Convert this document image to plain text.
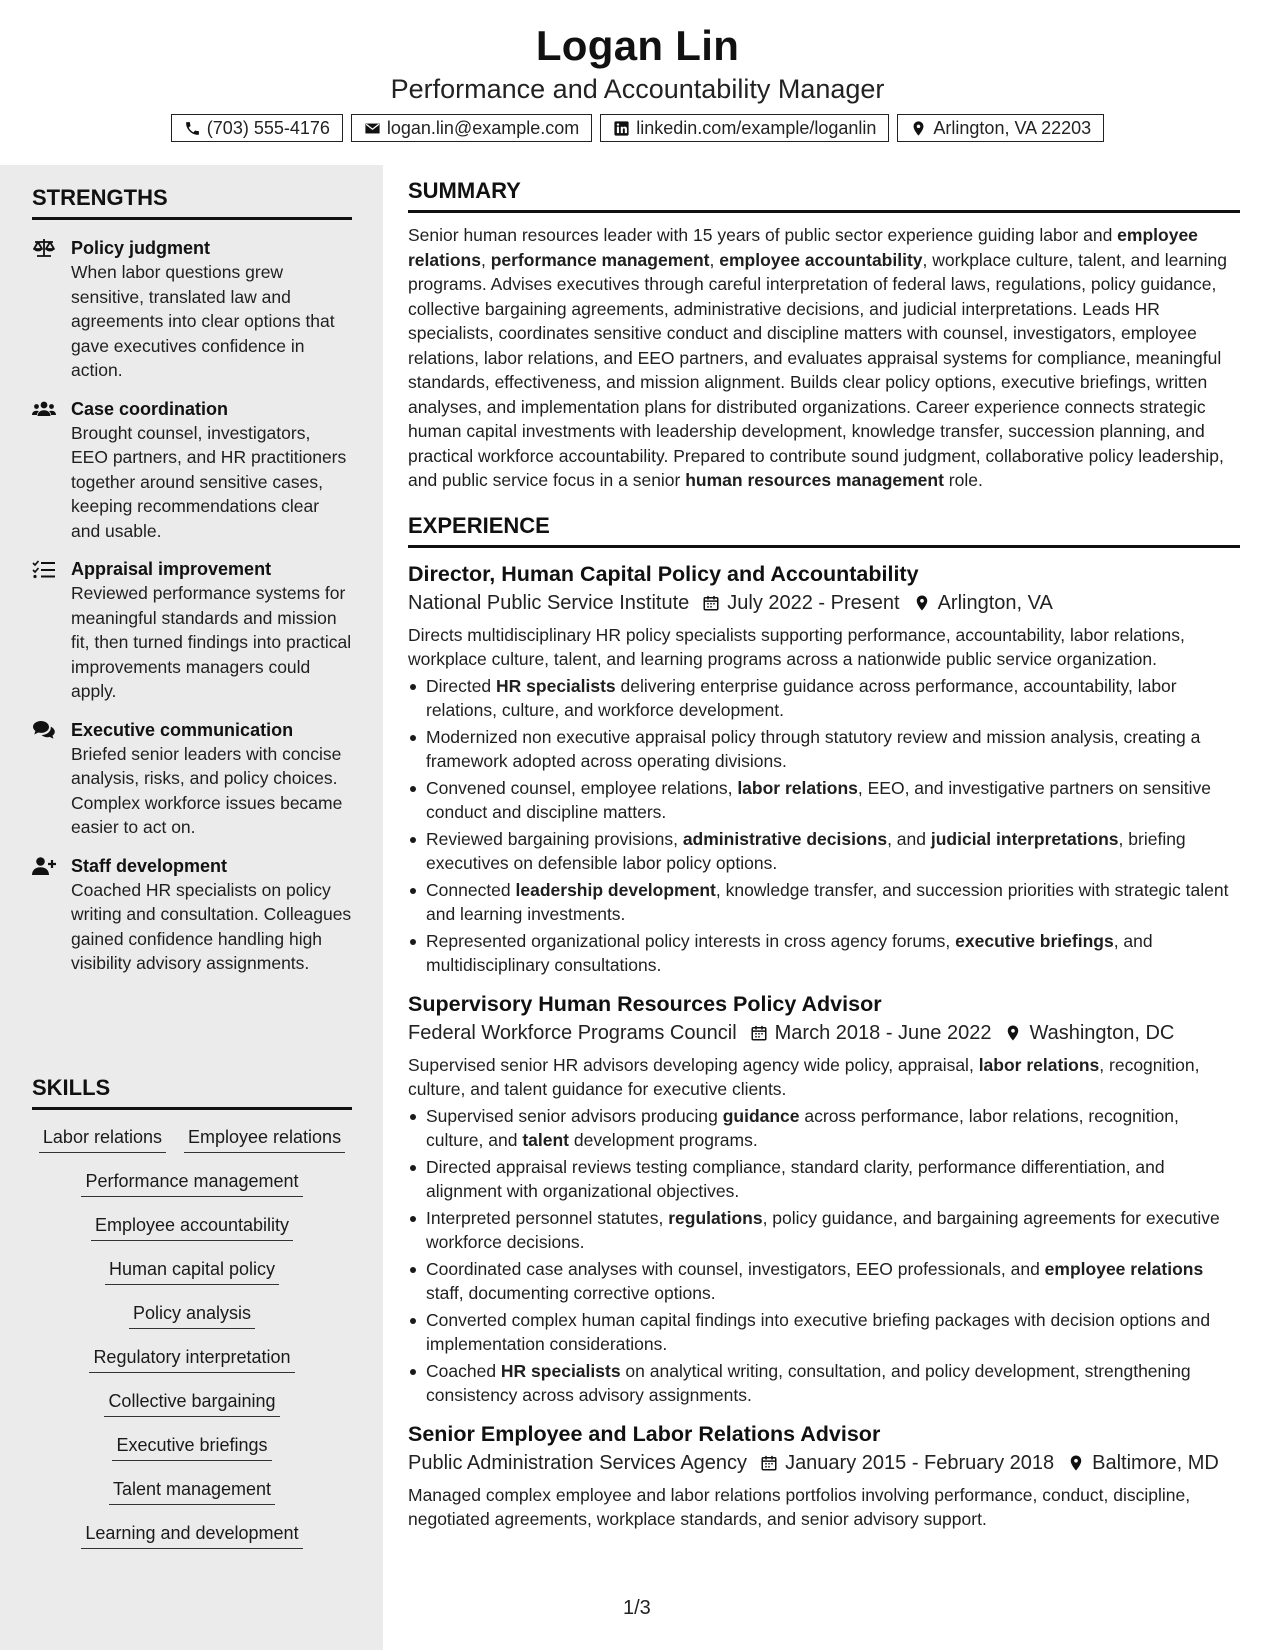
Logan Lin
Performance and Accountability Manager
(703) 555-4176	logan.lin@example.com	linkedin.com/example/loganlin	Arlington, VA 22203
STRENGTHS
Policy judgment
When labor questions grew sensitive, translated law and agreements into clear options that gave executives confidence in action.
Case coordination
Brought counsel, investigators, EEO partners, and HR practitioners together around sensitive cases, keeping recommendations clear and usable.
Appraisal improvement
Reviewed performance systems for meaningful standards and mission fit, then turned findings into practical improvements managers could apply.
Executive communication
Briefed senior leaders with concise analysis, risks, and policy choices. Complex workforce issues became easier to act on.
Staff development
Coached HR specialists on policy writing and consultation. Colleagues gained confidence handling high visibility advisory assignments.
SKILLS
Labor relations Employee relations
Performance management
Employee accountability
Human capital policy
Policy analysis
Regulatory interpretation
Collective bargaining
Executive briefings
Talent management
Learning and development
SUMMARY
Senior human resources leader with 15 years of public sector experience guiding labor and employee relations, performance management, employee accountability, workplace culture, talent, and learning programs. Advises executives through careful interpretation of federal laws, regulations, policy guidance, collective bargaining agreements, administrative decisions, and judicial interpretations. Leads HR specialists, coordinates sensitive conduct and discipline matters with counsel, investigators, employee relations, labor relations, and EEO partners, and evaluates appraisal systems for compliance, meaningful standards, effectiveness, and mission alignment. Builds clear policy options, executive briefings, written analyses, and implementation plans for distributed organizations. Career experience connects strategic human capital investments with leadership development, knowledge transfer, succession planning, and practical workforce accountability. Prepared to contribute sound judgment, collaborative policy leadership, and public service focus in a senior human resources management role.
EXPERIENCE
Director, Human Capital Policy and Accountability
National Public Service Institute July 2022 - Present Arlington, VA
Directs multidisciplinary HR policy specialists supporting performance, accountability, labor relations, workplace culture, talent, and learning programs across a nationwide public service organization.
Directed HR specialists delivering enterprise guidance across performance, accountability, labor relations, culture, and workforce development.
Modernized non executive appraisal policy through statutory review and mission analysis, creating a framework adopted across operating divisions.
Convened counsel, employee relations, labor relations, EEO, and investigative partners on sensitive conduct and discipline matters.
Reviewed bargaining provisions, administrative decisions, and judicial interpretations, briefing executives on defensible labor policy options.
Connected leadership development, knowledge transfer, and succession priorities with strategic talent and learning investments.
Represented organizational policy interests in cross agency forums, executive briefings, and multidisciplinary consultations.
Supervisory Human Resources Policy Advisor
Federal Workforce Programs Council March 2018 - June 2022 Washington, DC
Supervised senior HR advisors developing agency wide policy, appraisal, labor relations, recognition, culture, and talent guidance for executive clients.
Supervised senior advisors producing guidance across performance, labor relations, recognition, culture, and talent development programs.
Directed appraisal reviews testing compliance, standard clarity, performance differentiation, and alignment with organizational objectives.
Interpreted personnel statutes, regulations, policy guidance, and bargaining agreements for executive workforce decisions.
Coordinated case analyses with counsel, investigators, EEO professionals, and employee relations staff, documenting corrective options.
Converted complex human capital findings into executive briefing packages with decision options and implementation considerations.
Coached HR specialists on analytical writing, consultation, and policy development, strengthening consistency across advisory assignments.
Senior Employee and Labor Relations Advisor
Public Administration Services Agency January 2015 - February 2018 Baltimore, MD
Managed complex employee and labor relations portfolios involving performance, conduct, discipline, negotiated agreements, workplace standards, and senior advisory support.
1/3
